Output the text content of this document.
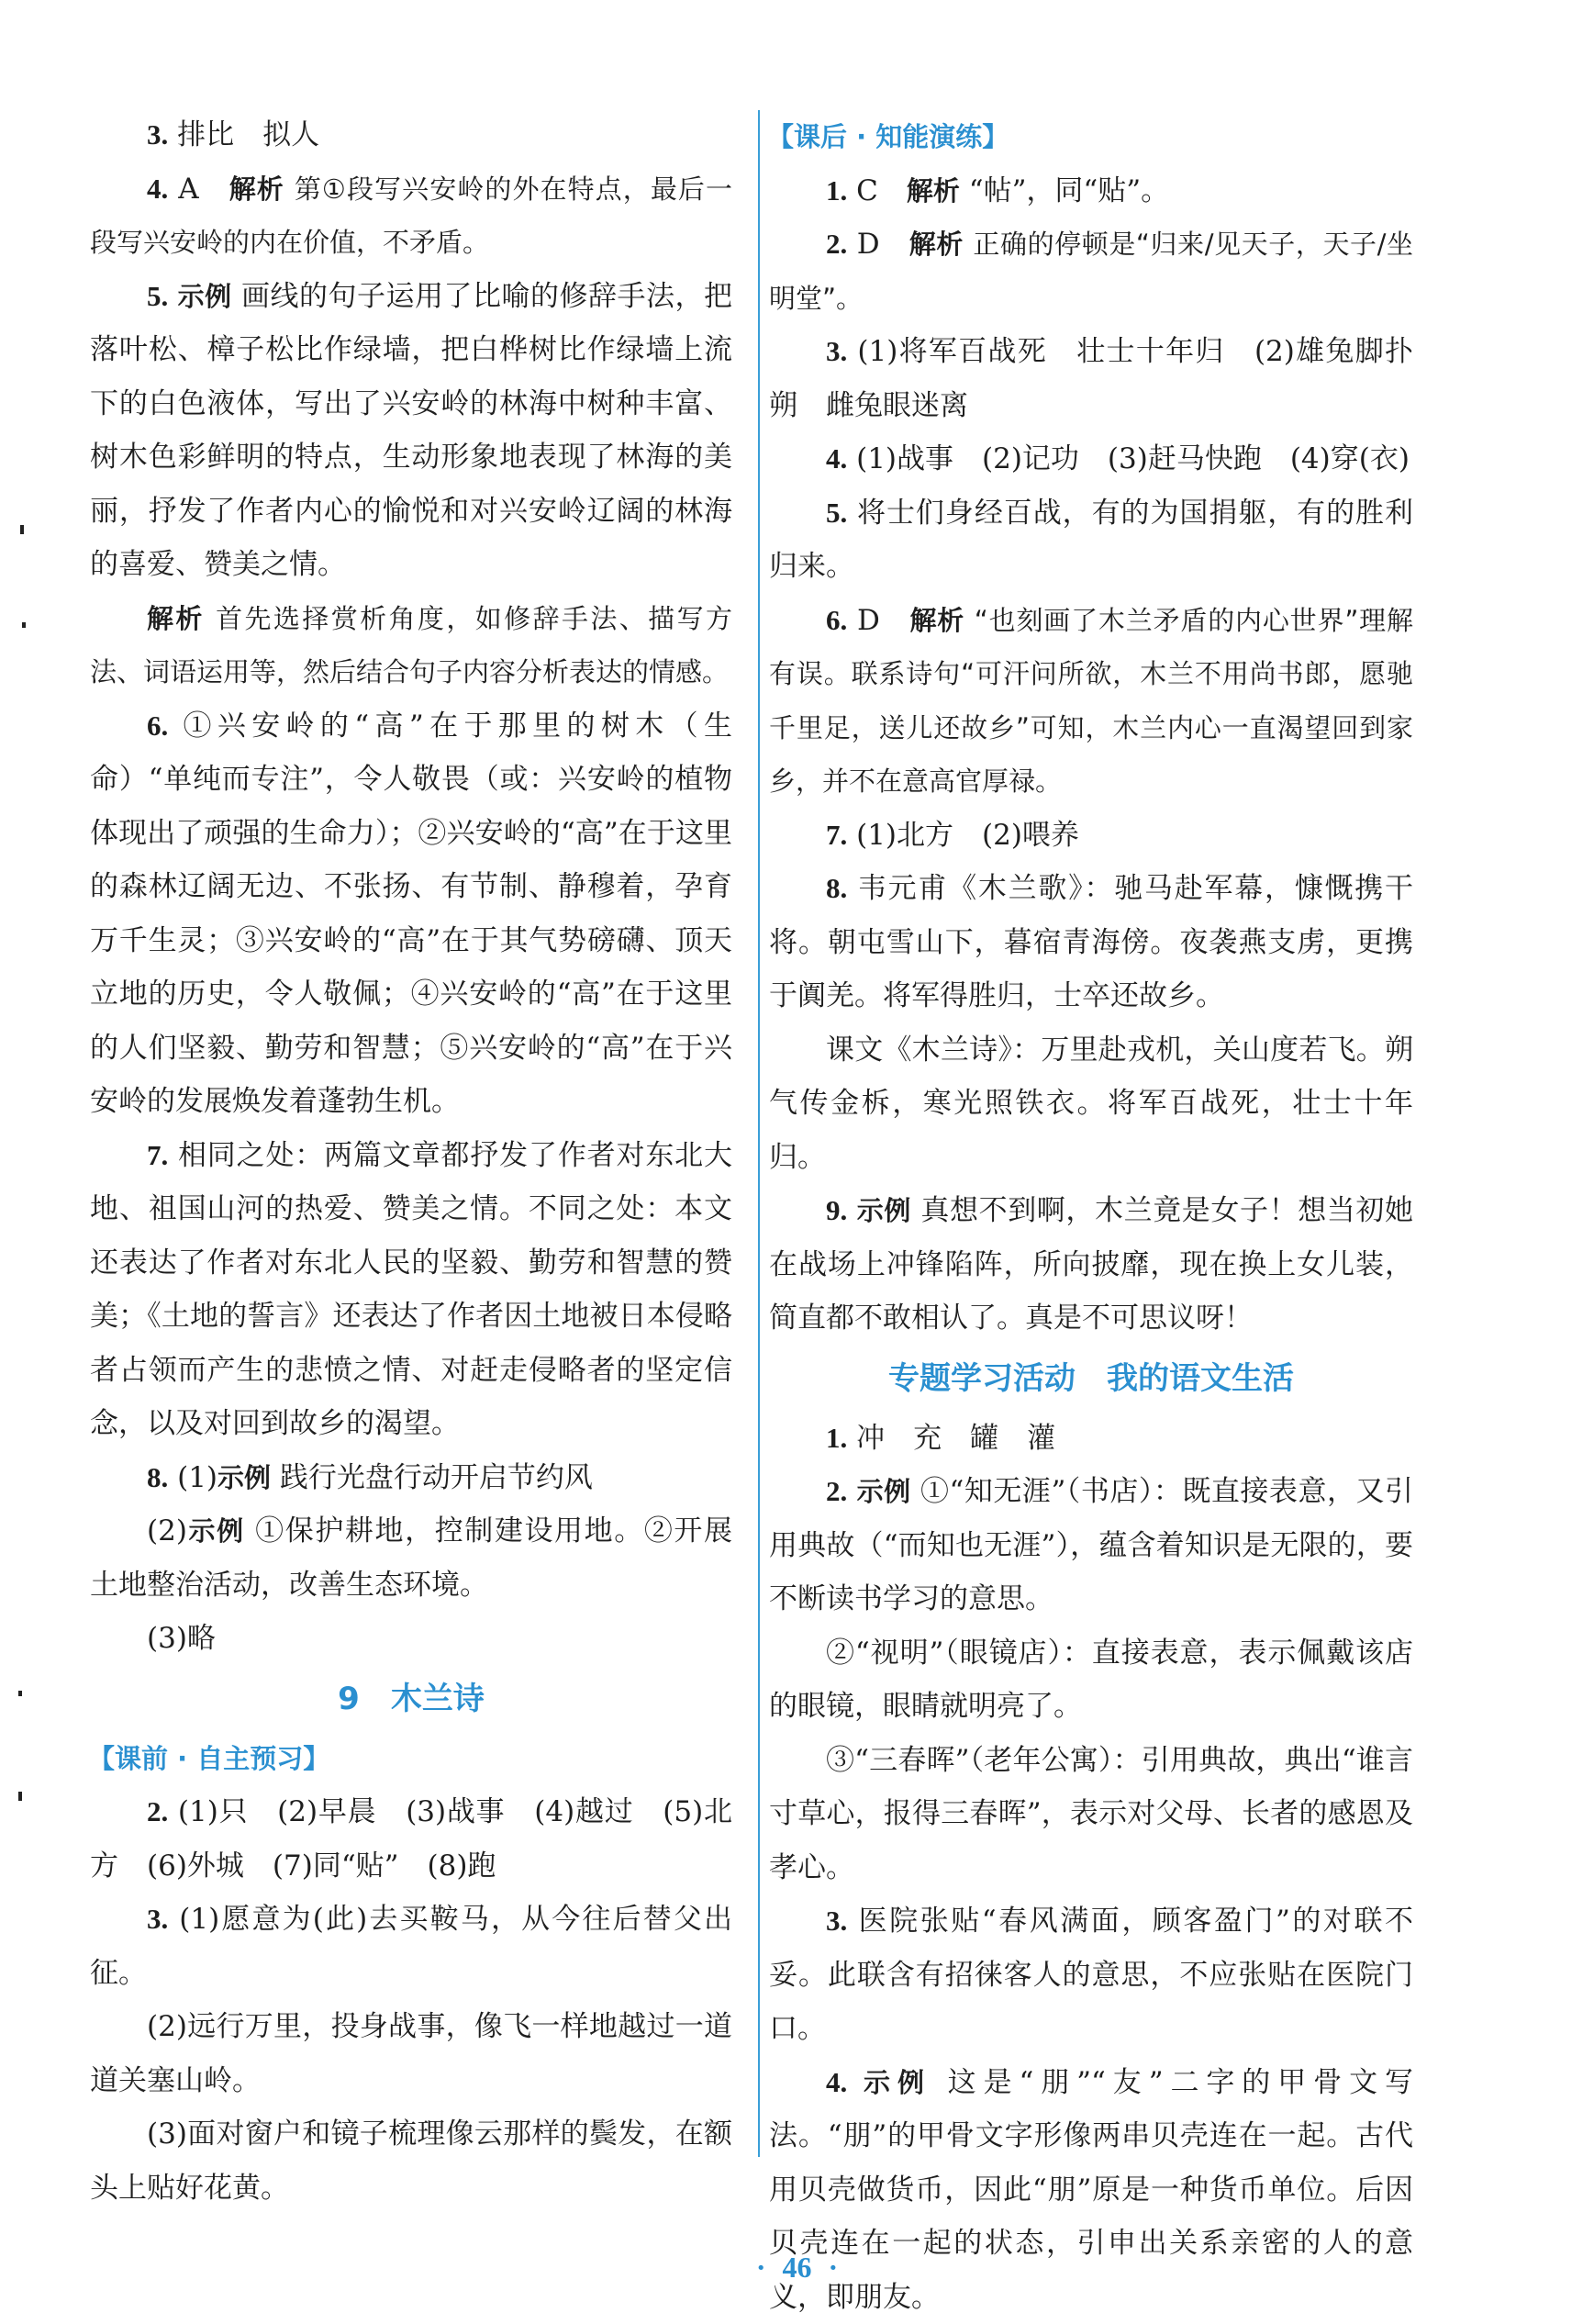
3. 排比　拟人

4. A　解析 第①段写兴安岭的外在特点，最后一段写兴安岭的内在价值，不矛盾。

5. 示例 画线的句子运用了比喻的修辞手法，把落叶松、樟子松比作绿墙，把白桦树比作绿墙上流下的白色液体，写出了兴安岭的林海中树种丰富、树木色彩鲜明的特点，生动形象地表现了林海的美丽，抒发了作者内心的愉悦和对兴安岭辽阔的林海的喜爱、赞美之情。

解析 首先选择赏析角度，如修辞手法、描写方法、词语运用等，然后结合句子内容分析表达的情感。

6. ①兴安岭的“高”在于那里的树木（生命）“单纯而专注”，令人敬畏（或：兴安岭的植物体现出了顽强的生命力）；②兴安岭的“高”在于这里的森林辽阔无边、不张扬、有节制、静穆着，孕育万千生灵；③兴安岭的“高”在于其气势磅礴、顶天立地的历史，令人敬佩；④兴安岭的“高”在于这里的人们坚毅、勤劳和智慧；⑤兴安岭的“高”在于兴安岭的发展焕发着蓬勃生机。

7. 相同之处：两篇文章都抒发了作者对东北大地、祖国山河的热爱、赞美之情。不同之处：本文还表达了作者对东北人民的坚毅、勤劳和智慧的赞美；《土地的誓言》还表达了作者因土地被日本侵略者占领而产生的悲愤之情、对赶走侵略者的坚定信念，以及对回到故乡的渴望。

8. (1)示例 践行光盘行动开启节约风

(2)示例 ①保护耕地，控制建设用地。②开展土地整治活动，改善生态环境。

(3)略

9　木兰诗
【课前 · 自主预习】

2. (1)只　(2)早晨　(3)战事　(4)越过　(5)北方　(6)外城　(7)同“贴”　(8)跑

3. (1)愿意为(此)去买鞍马，从今往后替父出征。

(2)远行万里，投身战事，像飞一样地越过一道道关塞山岭。

(3)面对窗户和镜子梳理像云那样的鬓发，在额头上贴好花黄。

【课后 · 知能演练】

1. C　解析 “帖”，同“贴”。

2. D　解析 正确的停顿是“归来/见天子，天子/坐明堂”。

3. (1)将军百战死　壮士十年归　(2)雄兔脚扑朔　雌兔眼迷离

4. (1)战事　(2)记功　(3)赶马快跑　(4)穿(衣)

5. 将士们身经百战，有的为国捐躯，有的胜利归来。

6. D　解析 “也刻画了木兰矛盾的内心世界”理解有误。联系诗句“可汗问所欲，木兰不用尚书郎，愿驰千里足，送儿还故乡”可知，木兰内心一直渴望回到家乡，并不在意高官厚禄。

7. (1)北方　(2)喂养

8. 韦元甫《木兰歌》：驰马赴军幕，慷慨携干将。朝屯雪山下，暮宿青海傍。夜袭燕支虏，更携于阗羌。将军得胜归，士卒还故乡。

课文《木兰诗》：万里赴戎机，关山度若飞。朔气传金柝，寒光照铁衣。将军百战死，壮士十年归。

9. 示例 真想不到啊，木兰竟是女子！想当初她在战场上冲锋陷阵，所向披靡，现在换上女儿装，简直都不敢相认了。真是不可思议呀！

专题学习活动　我的语文生活

1. 冲　充　罐　灌

2. 示例 ①“知无涯”（书店）：既直接表意，又引用典故（“而知也无涯”），蕴含着知识是无限的，要不断读书学习的意思。

②“视明”（眼镜店）：直接表意，表示佩戴该店的眼镜，眼睛就明亮了。

③“三春晖”（老年公寓）：引用典故，典出“谁言寸草心，报得三春晖”，表示对父母、长者的感恩及孝心。

3. 医院张贴“春风满面，顾客盈门”的对联不妥。此联含有招徕客人的意思，不应张贴在医院门口。

4. 示例 这是“朋”“友”二字的甲骨文写法。“朋”的甲骨文字形像两串贝壳连在一起。古代用贝壳做货币，因此“朋”原是一种货币单位。后因贝壳连在一起的状态，引申出关系亲密的人的意义，即朋友。

· 46 ·
